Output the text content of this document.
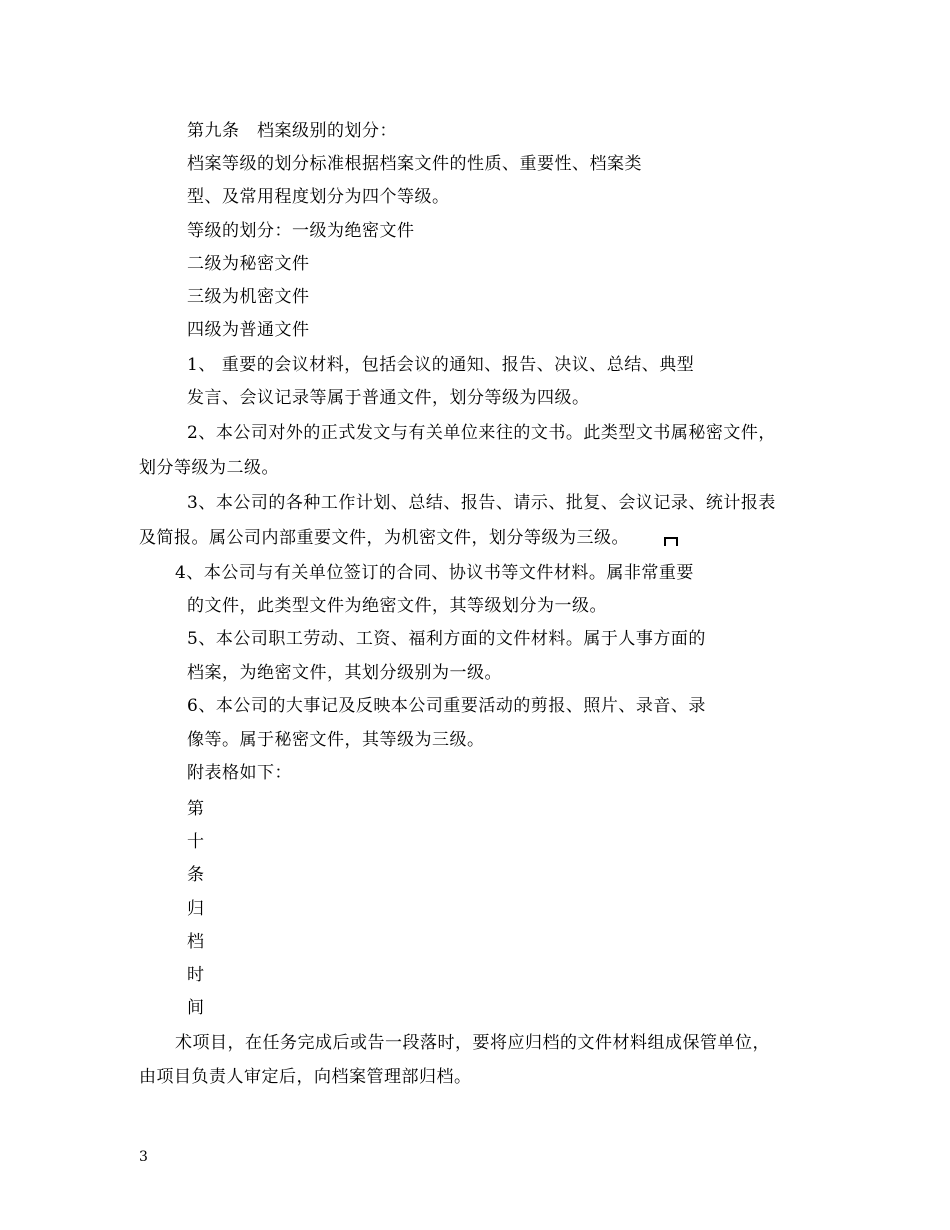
第九条　档案级别的划分：
档案等级的划分标准根据档案文件的性质、重要性、档案类
型、及常用程度划分为四个等级。
等级的划分：一级为绝密文件
二级为秘密文件
三级为机密文件
四级为普通文件
1、 重要的会议材料，包括会议的通知、报告、决议、总结、典型
发言、会议记录等属于普通文件，划分等级为四级。
2、本公司对外的正式发文与有关单位来往的文书。此类型文书属秘密文件，
划分等级为二级。
3、本公司的各种工作计划、总结、报告、请示、批复、会议记录、统计报表
及简报。属公司内部重要文件，为机密文件，划分等级为三级。
4、本公司与有关单位签订的合同、协议书等文件材料。属非常重要
的文件，此类型文件为绝密文件，其等级划分为一级。
5、本公司职工劳动、工资、福利方面的文件材料。属于人事方面的
档案，为绝密文件，其划分级别为一级。
6、本公司的大事记及反映本公司重要活动的剪报、照片、录音、录
像等。属于秘密文件，其等级为三级。
附表格如下：
第
十
条
归
档
时
间
术项目，在任务完成后或告一段落时，要将应归档的文件材料组成保管单位，
由项目负责人审定后，向档案管理部归档。
3
